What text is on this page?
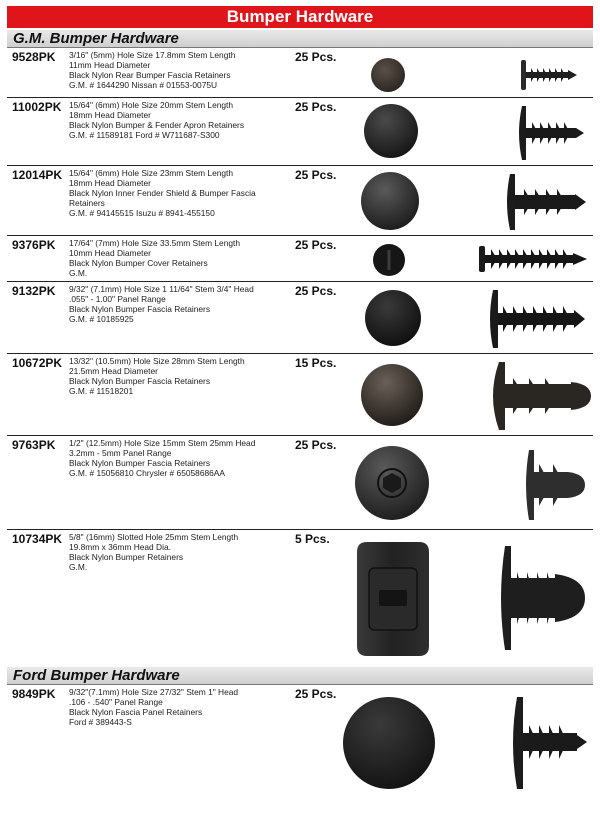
Bumper Hardware
G.M. Bumper Hardware
9528PK 3/16" (5mm) Hole Size 17.8mm Stem Length
11mm Head Diameter
Black Nylon Rear Bumper Fascia Retainers
G.M. # 1644290 Nissan # 01553-0075U
25 Pcs.
11002PK 15/64" (6mm) Hole Size 20mm Stem Length
18mm Head Diameter
Black Nylon Bumper & Fender Apron Retainers
G.M. # 11589181 Ford # W711687-S300
25 Pcs.
12014PK 15/64" (6mm) Hole Size 23mm Stem Length
18mm Head Diameter
Black Nylon Inner Fender Shield & Bumper Fascia
Retainers
G.M. # 94145515 Isuzu # 8941-455150
25 Pcs.
9376PK 17/64" (7mm) Hole Size 33.5mm Stem Length
10mm Head Diameter
Black Nylon Bumper Cover Retainers
G.M.
25 Pcs.
9132PK 9/32" (7.1mm) Hole Size 1 11/64" Stem 3/4" Head
.055" - 1.00" Panel Range
Black Nylon Bumper Fascia Retainers
G.M. # 10185925
25 Pcs.
10672PK 13/32" (10.5mm) Hole Size 28mm Stem Length
21.5mm Head Diameter
Black Nylon Bumper Fascia Retainers
G.M. # 11518201
15 Pcs.
9763PK 1/2" (12.5mm) Hole Size 15mm Stem 25mm Head
3.2mm - 5mm Panel Range
Black Nylon Bumper Fascia Retainers
G.M. # 15056810 Chrysler # 65058686AA
25 Pcs.
10734PK 5/8" (16mm) Slotted Hole 25mm Stem Length
19.8mm x 36mm Head Dia.
Black Nylon Bumper Retainers
G.M.
5 Pcs.
Ford Bumper Hardware
9849PK 9/32"(7.1mm) Hole Size 27/32" Stem 1" Head
.106 - .540" Panel Range
Black Nylon Fascia Panel Retainers
Ford # 389443-S
25 Pcs.
